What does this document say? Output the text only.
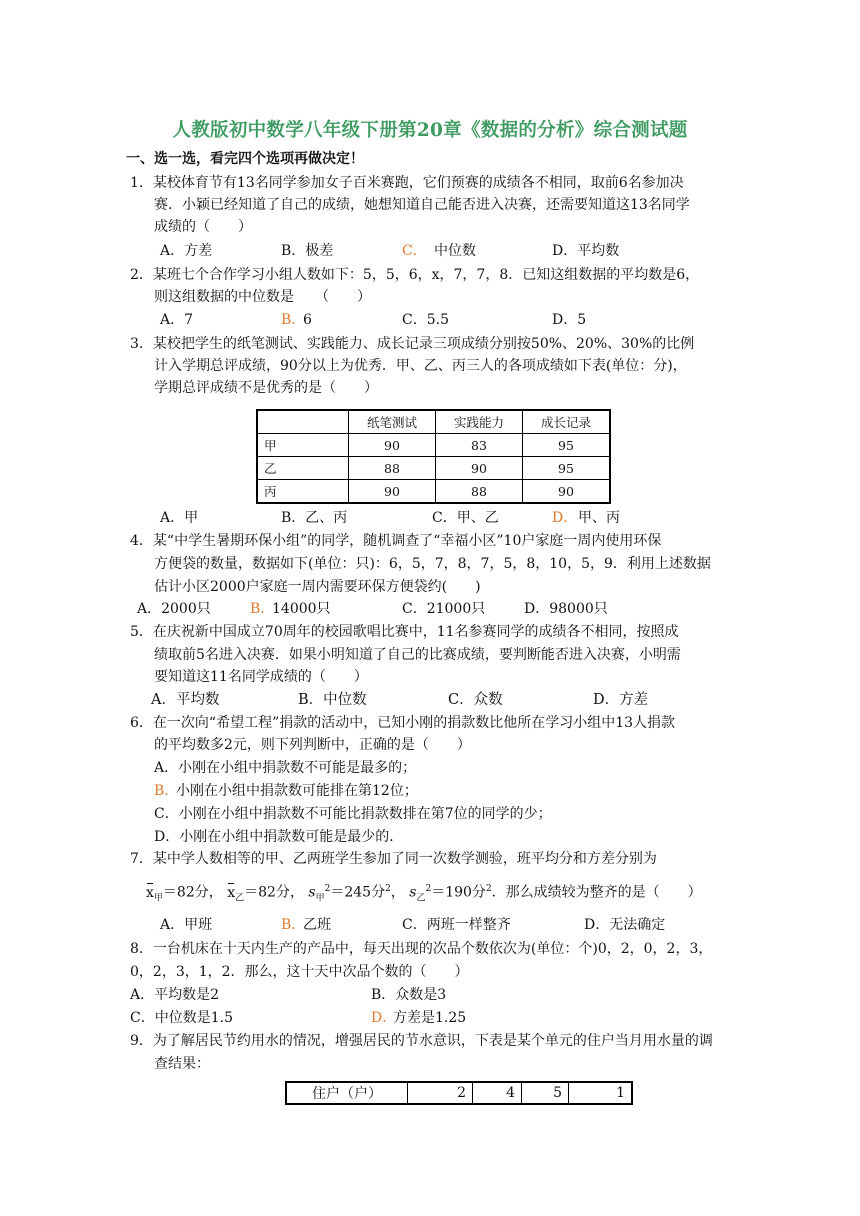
人教版初中数学八年级下册第20章《数据的分析》综合测试题
一、选一选，看完四个选项再做决定！
1．某校体育节有13名同学参加女子百米赛跑，它们预赛的成绩各不相同，取前6名参加决
赛．小颖已经知道了自己的成绩，她想知道自己能否进入决赛，还需要知道这13名同学
成绩的（　　）
A．方差	B．极差	C． 中位数	D．平均数
2．某班七个合作学习小组人数如下：5，5，6，x，7，7，8．已知这组数据的平均数是6，
则这组数据的中位数是　　（　　）
A．7	B．
6	C．5.5	D．5
3．某校把学生的纸笔测试、实践能力、成长记录三项成绩分别按50%、20%、30%的比例
计入学期总评成绩，90分以上为优秀．甲、乙、丙三人的各项成绩如下表(单位：分)，
学期总评成绩不是优秀的是（　　）
	纸笔测试	实践能力	成长记录
甲	90	83	95
乙	88	90	95
丙	90	88	90
A．甲	B．乙、丙	C．甲、乙	D． 甲、丙
4．某“中学生暑期环保小组”的同学，随机调查了“幸福小区”10户家庭一周内使用环保
方便袋的数量，数据如下(单位：只)：6，5，7，8，7，5，8，10，5，9．利用上述数据
估计小区2000户家庭一周内需要环保方便袋约(　　)
A．2000只	B．
14000只	C．21000只	D．98000只
5．在庆祝新中国成立70周年的校园歌唱比赛中，11名参赛同学的成绩各不相同，按照成
绩取前5名进入决赛．如果小明知道了自己的比赛成绩，要判断能否进入决赛，小明需
要知道这11名同学成绩的（　　）
A．平均数	B．中位数	C．众数	D．方差
6．在一次向“希望工程”捐款的活动中，已知小刚的捐款数比他所在学习小组中13人捐款
的平均数多2元，则下列判断中，正确的是（　　）
A．小刚在小组中捐款数不可能是最多的；
B．
小刚在小组中捐款数可能排在第12位；
C．小刚在小组中捐款数不可能比捐款数排在第7位的同学的少；
D．小刚在小组中捐款数可能是最少的．
7．某中学人数相等的甲、乙两班学生参加了同一次数学测验，班平均分和方差分别为
$x_甲=82$分， $x_乙=82$分， $s_甲^2=245$分$^2$， $s_乙^2=190$分$^2$．那么成绩较为整齐的是（　　）
A．甲班	B．
乙班	C．两班一样整齐	D．无法确定
8．一台机床在十天内生产的产品中，每天出现的次品个数依次为(单位：个)0，2，0，2，3，
0，2，3，1，2．那么，这十天中次品个数的（　　）
A．平均数是2	B．众数是3
C．中位数是1.5	D．
方差是1.25
9．为了解居民节约用水的情况，增强居民的节水意识，下表是某个单元的住户当月用水量的调
查结果：
住户（户）	2	4	5	1
